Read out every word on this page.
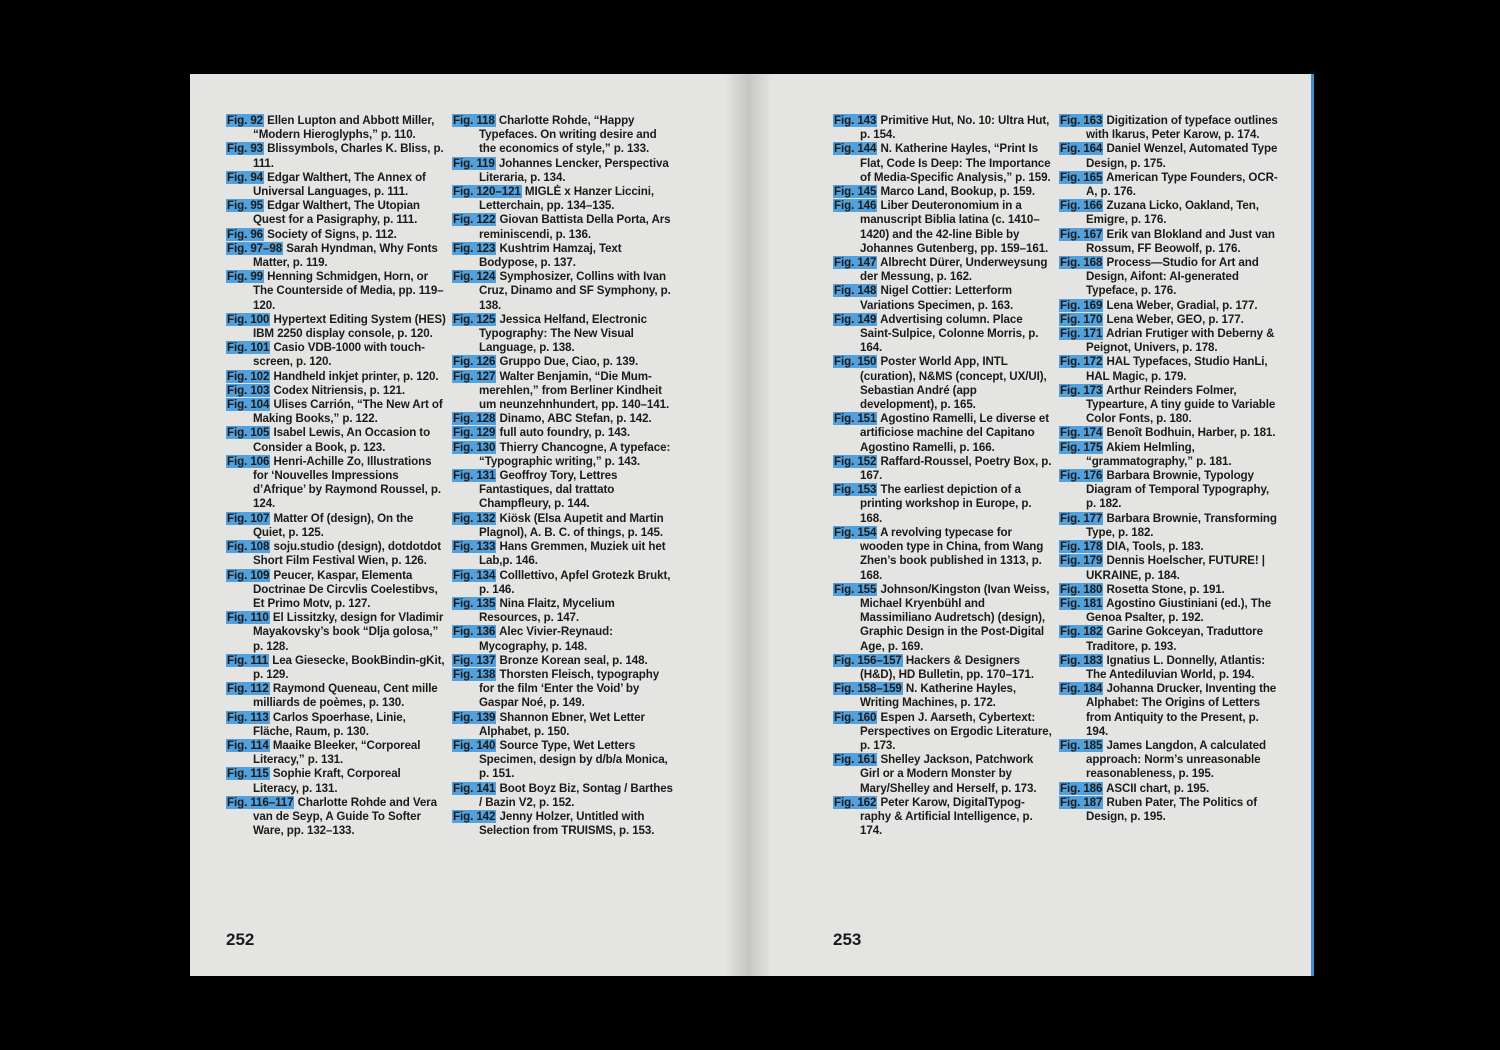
Fig. 92 Ellen Lupton and Abbott Miller, “Modern Hieroglyphs,” p. 110.
Fig. 93 Blissymbols, Charles K. Bliss, p. 111.
Fig. 94 Edgar Walthert, The Annex of Universal Languages, p. 111.
Fig. 95 Edgar Walthert, The Utopian Quest for a Pasigraphy, p. 111.
Fig. 96 Society of Signs, p. 112.
Fig. 97–98 Sarah Hyndman, Why Fonts Matter, p. 119.
Fig. 99 Henning Schmidgen, Horn, or The Counterside of Media, pp. 119–120.
Fig. 100 Hypertext Editing System (HES) IBM 2250 display console, p. 120.
Fig. 101 Casio VDB-1000 with touch-screen, p. 120.
Fig. 102 Handheld inkjet printer, p. 120.
Fig. 103 Codex Nitriensis, p. 121.
Fig. 104 Ulises Carrión, “The New Art of Making Books,” p. 122.
Fig. 105 Isabel Lewis, An Occasion to Consider a Book, p. 123.
Fig. 106 Henri-Achille Zo, Illustrations for ‘Nouvelles Impressions d’Afrique’ by Raymond Roussel, p. 124.
Fig. 107 Matter Of (design), On the Quiet, p. 125.
Fig. 108 soju.studio (design), dotdotdot Short Film Festival Wien, p. 126.
Fig. 109 Peucer, Kaspar, Elementa Doctrinae De Circvlis Coelestibvs, Et Primo Motv, p. 127.
Fig. 110 El Lissitzky, design for Vladimir Mayakovsky’s book “Dlja golosa,” p. 128.
Fig. 111 Lea Giesecke, BookBindin-gKit, p. 129.
Fig. 112 Raymond Queneau, Cent mille milliards de poèmes, p. 130.
Fig. 113 Carlos Spoerhase, Linie, Fläche, Raum, p. 130.
Fig. 114 Maaike Bleeker, “Corporeal Literacy,” p. 131.
Fig. 115 Sophie Kraft, Corporeal Literacy, p. 131.
Fig. 116–117 Charlotte Rohde and Vera van de Seyp, A Guide To Softer Ware, pp. 132–133.
Fig. 118 Charlotte Rohde, “Happy Typefaces. On writing desire and the economics of style,” p. 133.
Fig. 119 Johannes Lencker, Perspectiva Literaria, p. 134.
Fig. 120–121 MIGLĖ x Hanzer Liccini, Letterchain, pp. 134–135.
Fig. 122 Giovan Battista Della Porta, Ars reminiscendi, p. 136.
Fig. 123 Kushtrim Hamzaj, Text Bodypose, p. 137.
Fig. 124 Symphosizer, Collins with Ivan Cruz, Dinamo and SF Symphony, p. 138.
Fig. 125 Jessica Helfand, Electronic Typography: The New Visual Language, p. 138.
Fig. 126 Gruppo Due, Ciao, p. 139.
Fig. 127 Walter Benjamin, “Die Mum-merehlen,” from Berliner Kindheit um neunzehnhundert, pp. 140–141.
Fig. 128 Dinamo, ABC Stefan, p. 142.
Fig. 129 full auto foundry, p. 143.
Fig. 130 Thierry Chancogne, A typeface: “Typographic writing,” p. 143.
Fig. 131 Geoffroy Tory, Lettres Fantastiques, dal trattato Champfleury, p. 144.
Fig. 132 Kiösk (Elsa Aupetit and Martin Plagnol), A. B. C. of things, p. 145.
Fig. 133 Hans Gremmen, Muziek uit het Lab,p. 146.
Fig. 134 Colllettivo, Apfel Grotezk Brukt, p. 146.
Fig. 135 Nina Flaitz, Mycelium Resources, p. 147.
Fig. 136 Alec Vivier-Reynaud: Mycography, p. 148.
Fig. 137 Bronze Korean seal, p. 148.
Fig. 138 Thorsten Fleisch, typography for the film ‘Enter the Void’ by Gaspar Noé, p. 149.
Fig. 139 Shannon Ebner, Wet Letter Alphabet, p. 150.
Fig. 140 Source Type, Wet Letters Specimen, design by d/b/a Monica, p. 151.
Fig. 141 Boot Boyz Biz, Sontag / Barthes / Bazin V2, p. 152.
Fig. 142 Jenny Holzer, Untitled with Selection from TRUISMS, p. 153.
252
Fig. 143 Primitive Hut, No. 10: Ultra Hut, p. 154.
Fig. 144 N. Katherine Hayles, “Print Is Flat, Code Is Deep: The Importance of Media-Specific Analysis,” p. 159.
Fig. 145 Marco Land, Bookup, p. 159.
Fig. 146 Liber Deuteronomium in a manuscript Biblia latina (c. 1410–1420) and the 42-line Bible by Johannes Gutenberg, pp. 159–161.
Fig. 147 Albrecht Dürer, Underweysung der Messung, p. 162.
Fig. 148 Nigel Cottier: Letterform Variations Specimen, p. 163.
Fig. 149 Advertising column. Place Saint-Sulpice, Colonne Morris, p. 164.
Fig. 150 Poster World App, INTL (curation), N&MS (concept, UX/UI), Sebastian André (app development), p. 165.
Fig. 151 Agostino Ramelli, Le diverse et artificiose machine del Capitano Agostino Ramelli, p. 166.
Fig. 152 Raffard-Roussel, Poetry Box, p. 167.
Fig. 153 The earliest depiction of a printing workshop in Europe, p. 168.
Fig. 154 A revolving typecase for wooden type in China, from Wang Zhen’s book published in 1313, p. 168.
Fig. 155 Johnson/Kingston (Ivan Weiss, Michael Kryenbühl and Massimiliano Audretsch) (design), Graphic Design in the Post-Digital Age, p. 169.
Fig. 156–157 Hackers & Designers (H&D), HD Bulletin, pp. 170–171.
Fig. 158–159 N. Katherine Hayles, Writing Machines, p. 172.
Fig. 160 Espen J. Aarseth, Cybertext: Perspectives on Ergodic Literature, p. 173.
Fig. 161 Shelley Jackson, Patchwork Girl or a Modern Monster by Mary/Shelley and Herself, p. 173.
Fig. 162 Peter Karow, DigitalTypog-raphy & Artificial Intelligence, p. 174.
Fig. 163 Digitization of typeface outlines with Ikarus, Peter Karow, p. 174.
Fig. 164 Daniel Wenzel, Automated Type Design, p. 175.
Fig. 165 American Type Founders, OCR-A, p. 176.
Fig. 166 Zuzana Licko, Oakland, Ten, Emigre, p. 176.
Fig. 167 Erik van Blokland and Just van Rossum, FF Beowolf, p. 176.
Fig. 168 Process—Studio for Art and Design, Aifont: AI-generated Typeface, p. 176.
Fig. 169 Lena Weber, Gradial, p. 177.
Fig. 170 Lena Weber, GEO, p. 177.
Fig. 171 Adrian Frutiger with Deberny & Peignot, Univers, p. 178.
Fig. 172 HAL Typefaces, Studio HanLi, HAL Magic, p. 179.
Fig. 173 Arthur Reinders Folmer, Typearture, A tiny guide to Variable Color Fonts, p. 180.
Fig. 174 Benoît Bodhuin, Harber, p. 181.
Fig. 175 Akiem Helmling, “grammatography,” p. 181.
Fig. 176 Barbara Brownie, Typology Diagram of Temporal Typography, p. 182.
Fig. 177 Barbara Brownie, Transforming Type, p. 182.
Fig. 178 DIA, Tools, p. 183.
Fig. 179 Dennis Hoelscher, FUTURE! | UKRAINE, p. 184.
Fig. 180 Rosetta Stone, p. 191.
Fig. 181 Agostino Giustiniani (ed.), The Genoa Psalter, p. 192.
Fig. 182 Garine Gokceyan, Traduttore Traditore, p. 193.
Fig. 183 Ignatius L. Donnelly, Atlantis: The Antediluvian World, p. 194.
Fig. 184 Johanna Drucker, Inventing the Alphabet: The Origins of Letters from Antiquity to the Present, p. 194.
Fig. 185 James Langdon, A calculated approach: Norm’s unreasonable reasonableness, p. 195.
Fig. 186 ASCII chart, p. 195.
Fig. 187 Ruben Pater, The Politics of Design, p. 195.
253
